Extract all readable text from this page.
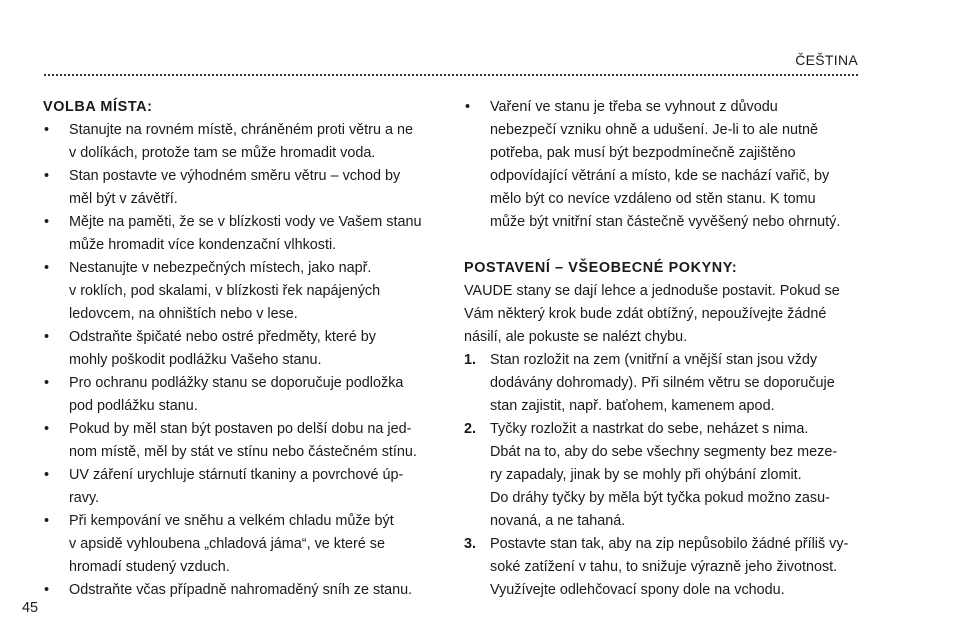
ČEŠTINA
VOLBA MÍSTA:
•	Stanujte na rovném místě, chráněném proti větru a ne
v dolíkách, protože tam se může hromadit voda.
•	Stan postavte ve výhodném směru větru – vchod by
měl být v závětří.
•	Mějte na paměti, že se v blízkosti vody ve Vašem stanu
může hromadit více kondenzační vlhkosti.
•	Nestanujte v nebezpečných místech, jako např.
v roklích, pod skalami, v blízkosti řek napájených
ledovcem, na ohništích nebo v lese.
•	Odstraňte špičaté nebo ostré předměty, které by
mohly poškodit podlážku Vašeho stanu.
•	Pro ochranu podlážky stanu se doporučuje podložka
pod podlážku stanu.
•	Pokud by měl stan být postaven po delší dobu na jed-
nom místě, měl by stát ve stínu nebo částečném stínu.
•	UV záření urychluje stárnutí tkaniny a povrchové úp-
ravy.
•	Při kempování ve sněhu a velkém chladu může být
v apsidě vyhloubena „chladová jáma“, ve které se
hromadí studený vzduch.
•	Odstraňte včas případně nahromaděný sníh ze stanu.
•	Vaření ve stanu je třeba se vyhnout z důvodu
nebezpečí vzniku ohně a udušení. Je-li to ale nutně
potřeba, pak musí být bezpodmínečně zajištěno
odpovídající větrání a místo, kde se nachází vařič, by
mělo být co nevíce vzdáleno od stěn stanu. K tomu
může být vnitřní stan částečně vyvěšený nebo ohrnutý.
POSTAVENÍ – VŠEOBECNÉ POKYNY:
VAUDE stany se dají lehce a jednoduše postavit. Pokud se
Vám některý krok bude zdát obtížný, nepoužívejte žádné
násilí, ale pokuste se nalézt chybu.
1. Stan rozložit na zem (vnitřní a vnější stan jsou vždy
dodávány dohromady). Při silném větru se doporučuje
stan zajistit, např. baťohem, kamenem apod.
2. Tyčky rozložit a nastrkat do sebe, neházet s nima.
Dbát na to, aby do sebe všechny segmenty bez meze-
ry zapadaly, jinak by se mohly při ohýbání zlomit.
Do dráhy tyčky by měla být tyčka pokud možno zasu-
novaná, a ne tahaná.
3. Postavte stan tak, aby na zip nepůsobilo žádné příliš vy-
soké zatížení v tahu, to snižuje výrazně jeho životnost.
Využívejte odlehčovací spony dole na vchodu.
45
